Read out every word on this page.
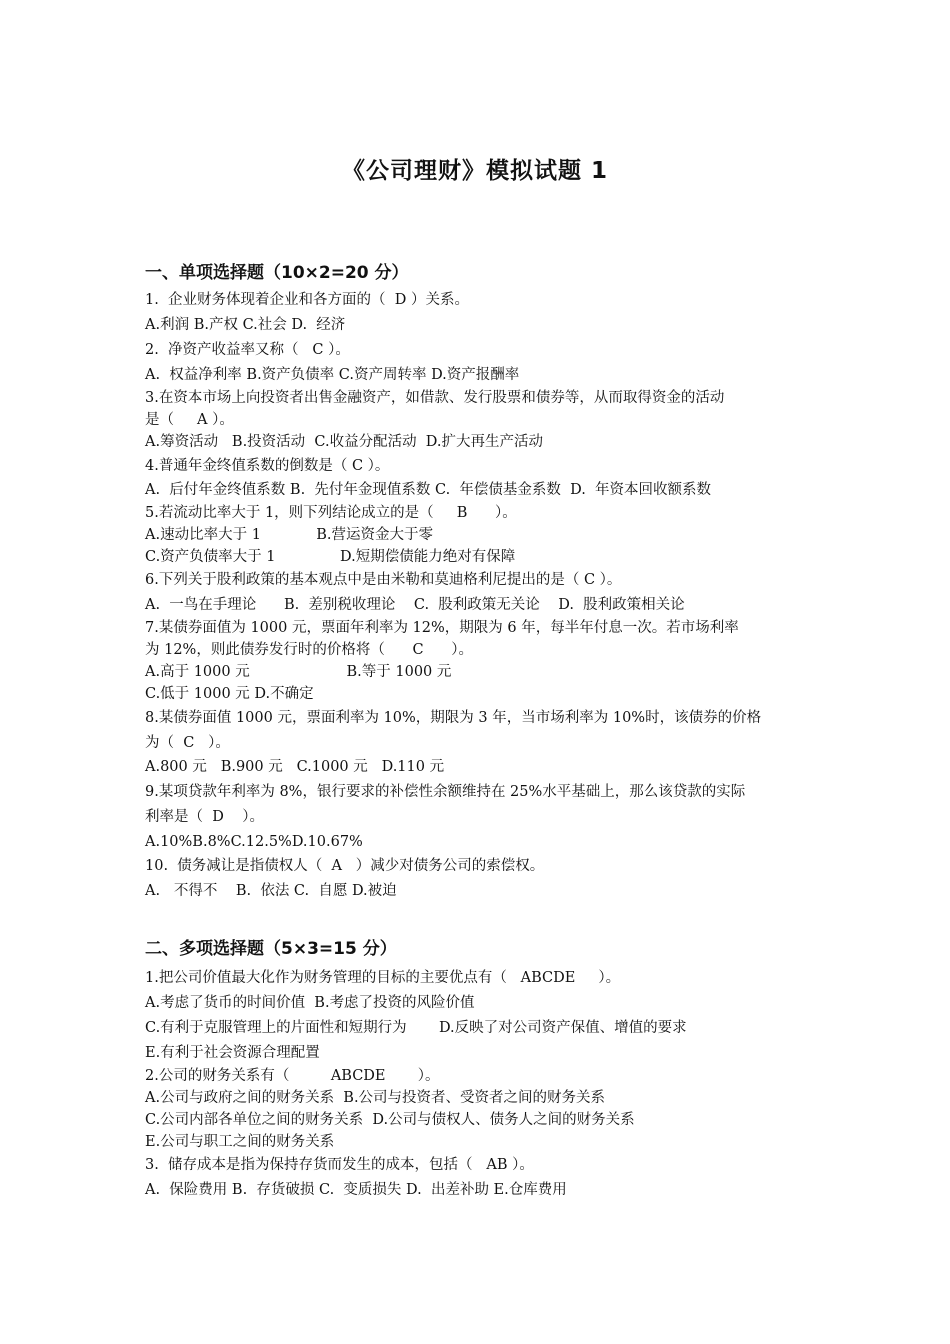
《公司理财》模拟试题 1
一、单项选择题（10×2=20 分）
1.  企业财务体现着企业和各方面的（  D ）关系。
A.利润 B.产权 C.社会 D.  经济
2.  净资产收益率又称（   C ）。
A.  权益净利率 B.资产负债率 C.资产周转率 D.资产报酬率
3.在资本市场上向投资者出售金融资产，如借款、发行股票和债券等，从而取得资金的活动
是（     A ）。
A.筹资活动   B.投资活动  C.收益分配活动  D.扩大再生产活动
4.普通年金终值系数的倒数是（ C ）。
A.  后付年金终值系数 B.  先付年金现值系数 C.  年偿债基金系数  D.  年资本回收额系数
5.若流动比率大于 1，则下列结论成立的是（     B      ）。
A.速动比率大于 1            B.营运资金大于零
C.资产负债率大于 1              D.短期偿债能力绝对有保障
6.下列关于股利政策的基本观点中是由米勒和莫迪格利尼提出的是（ C ）。
A.  一鸟在手理论      B.  差别税收理论    C.  股利政策无关论    D.  股利政策相关论
7.某债券面值为 1000 元，票面年利率为 12%，期限为 6 年，每半年付息一次。若市场利率
为 12%，则此债券发行时的价格将（      C      ）。
A.高于 1000 元                     B.等于 1000 元
C.低于 1000 元 D.不确定
8.某债券面值 1000 元，票面利率为 10%，期限为 3 年，当市场利率为 10%时，该债券的价格
为（  C   ）。
A.800 元   B.900 元   C.1000 元   D.110 元
9.某项贷款年利率为 8%，银行要求的补偿性余额维持在 25%水平基础上，那么该贷款的实际
利率是（  D    ）。
A.10%B.8%C.12.5%D.10.67%
10.  债务减让是指债权人（  A   ）减少对债务公司的索偿权。
A.   不得不    B.  依法 C.  自愿 D.被迫
二、多项选择题（5×3=15 分）
1.把公司价值最大化作为财务管理的目标的主要优点有（   ABCDE     ）。
A.考虑了货币的时间价值  B.考虑了投资的风险价值
C.有利于克服管理上的片面性和短期行为       D.反映了对公司资产保值、增值的要求
E.有利于社会资源合理配置
2.公司的财务关系有（         ABCDE       ）。
A.公司与政府之间的财务关系  B.公司与投资者、受资者之间的财务关系
C.公司内部各单位之间的财务关系  D.公司与债权人、债务人之间的财务关系
E.公司与职工之间的财务关系
3.  储存成本是指为保持存货而发生的成本，包括（   AB ）。
A.  保险费用 B.  存货破损 C.  变质损失 D.  出差补助 E.仓库费用
